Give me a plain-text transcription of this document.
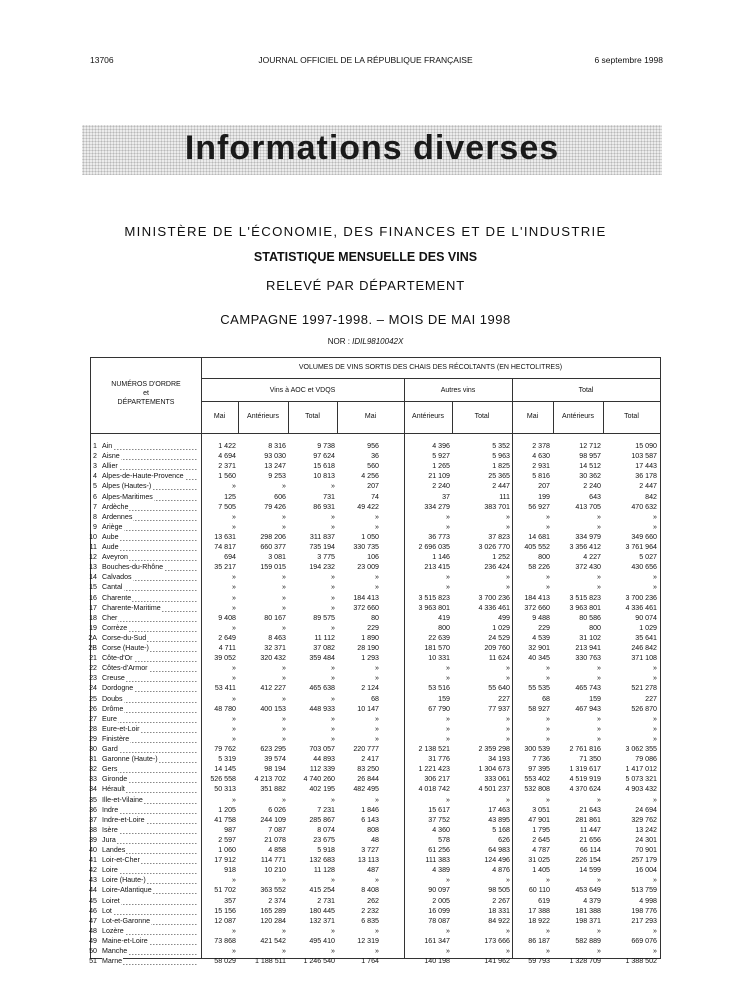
13706	JOURNAL OFFICIEL DE LA RÉPUBLIQUE FRANÇAISE	6 septembre 1998
Informations diverses
MINISTÈRE DE L'ÉCONOMIE, DES FINANCES ET DE L'INDUSTRIE
STATISTIQUE MENSUELLE DES VINS
RELEVÉ PAR DÉPARTEMENT
CAMPAGNE 1997-1998. – MOIS DE MAI 1998
NOR : IDIL9810042X
NUMÉROS D'ORDRE
et
DÉPARTEMENTS
VOLUMES DE VINS SORTIS DES CHAIS DES RÉCOLTANTS (EN HECTOLITRES)
Vins à AOC et VDQS	Autres vins	Total
Mai	Antérieurs	Total	Mai	Antérieurs	Total	Mai	Antérieurs	Total
1 Ain	1 422	8 316	9 738	956	4 396	5 352	2 378	12 712	15 090
2 Aisne	4 694	93 030	97 624	36	5 927	5 963	4 630	98 957	103 587
3 Allier	2 371	13 247	15 618	560	1 265	1 825	2 931	14 512	17 443
4 Alpes-de-Haute-Provence	1 560	9 253	10 813	4 256	21 109	25 365	5 816	30 362	36 178
5 Alpes (Hautes-)	»	»	»	207	2 240	2 447	207	2 240	2 447
6 Alpes-Maritimes	125	606	731	74	37	111	199	643	842
7 Ardèche	7 505	79 426	86 931	49 422	334 279	383 701	56 927	413 705	470 632
8 Ardennes	»	»	»	»	»	»	»	»	»
9 Ariège	»	»	»	»	»	»	»	»	»
10 Aube	13 631	298 206	311 837	1 050	36 773	37 823	14 681	334 979	349 660
11 Aude	74 817	660 377	735 194	330 735	2 696 035	3 026 770	405 552	3 356 412	3 761 964
12 Aveyron	694	3 081	3 775	106	1 146	1 252	800	4 227	5 027
13 Bouches-du-Rhône	35 217	159 015	194 232	23 009	213 415	236 424	58 226	372 430	430 656
14 Calvados	»	»	»	»	»	»	»	»	»
15 Cantal	»	»	»	»	»	»	»	»	»
16 Charente	»	»	»	184 413	3 515 823	3 700 236	184 413	3 515 823	3 700 236
17 Charente-Maritime	»	»	»	372 660	3 963 801	4 336 461	372 660	3 963 801	4 336 461
18 Cher	9 408	80 167	89 575	80	419	499	9 488	80 586	90 074
19 Corrèze	»	»	»	229	800	1 029	229	800	1 029
2A Corse-du-Sud	2 649	8 463	11 112	1 890	22 639	24 529	4 539	31 102	35 641
2B Corse (Haute-)	4 711	32 371	37 082	28 190	181 570	209 760	32 901	213 941	246 842
21 Côte-d'Or	39 052	320 432	359 484	1 293	10 331	11 624	40 345	330 763	371 108
22 Côtes-d'Armor	»	»	»	»	»	»	»	»	»
23 Creuse	»	»	»	»	»	»	»	»	»
24 Dordogne	53 411	412 227	465 638	2 124	53 516	55 640	55 535	465 743	521 278
25 Doubs	»	»	»	68	159	227	68	159	227
26 Drôme	48 780	400 153	448 933	10 147	67 790	77 937	58 927	467 943	526 870
27 Eure	»	»	»	»	»	»	»	»	»
28 Eure-et-Loir	»	»	»	»	»	»	»	»	»
29 Finistère	»	»	»	»	»	»	»	»	»
30 Gard	79 762	623 295	703 057	220 777	2 138 521	2 359 298	300 539	2 761 816	3 062 355
31 Garonne (Haute-)	5 319	39 574	44 893	2 417	31 776	34 193	7 736	71 350	79 086
32 Gers	14 145	98 194	112 339	83 250	1 221 423	1 304 673	97 395	1 319 617	1 417 012
33 Gironde	526 558	4 213 702	4 740 260	26 844	306 217	333 061	553 402	4 519 919	5 073 321
34 Hérault	50 313	351 882	402 195	482 495	4 018 742	4 501 237	532 808	4 370 624	4 903 432
35 Ille-et-Vilaine	»	»	»	»	»	»	»	»	»
36 Indre	1 205	6 026	7 231	1 846	15 617	17 463	3 051	21 643	24 694
37 Indre-et-Loire	41 758	244 109	285 867	6 143	37 752	43 895	47 901	281 861	329 762
38 Isère	987	7 087	8 074	808	4 360	5 168	1 795	11 447	13 242
39 Jura	2 597	21 078	23 675	48	578	626	2 645	21 656	24 301
40 Landes	1 060	4 858	5 918	3 727	61 256	64 983	4 787	66 114	70 901
41 Loir-et-Cher	17 912	114 771	132 683	13 113	111 383	124 496	31 025	226 154	257 179
42 Loire	918	10 210	11 128	487	4 389	4 876	1 405	14 599	16 004
43 Loire (Haute-)	»	»	»	»	»	»	»	»	»
44 Loire-Atlantique	51 702	363 552	415 254	8 408	90 097	98 505	60 110	453 649	513 759
45 Loiret	357	2 374	2 731	262	2 005	2 267	619	4 379	4 998
46 Lot	15 156	165 289	180 445	2 232	16 099	18 331	17 388	181 388	198 776
47 Lot-et-Garonne	12 087	120 284	132 371	6 835	78 087	84 922	18 922	198 371	217 293
48 Lozère	»	»	»	»	»	»	»	»	»
49 Maine-et-Loire	73 868	421 542	495 410	12 319	161 347	173 666	86 187	582 889	669 076
50 Manche	»	»	»	»	»	»	»	»	»
51 Marne	58 029	1 188 511	1 246 540	1 764	140 198	141 962	59 793	1 328 709	1 388 502
